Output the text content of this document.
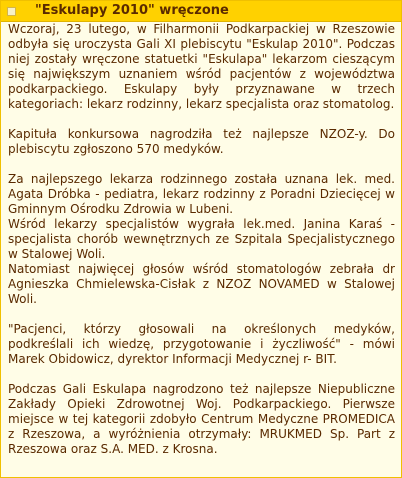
"Eskulapy 2010" wręczone

Wczoraj, 23 lutego, w Filharmonii Podkarpackiej w Rzeszowie odbyła się uroczysta Gali XI plebiscytu "Eskulap 2010". Podczas niej zostały wręczone statuetki "Eskulapa" lekarzom cieszącym się największym uznaniem wśród pacjentów z województwa podkarpackiego. Eskulapy były przyznawane w trzech kategoriach: lekarz rodzinny, lekarz specjalista oraz stomatolog.

Kapituła konkursowa nagrodziła też najlepsze NZOZ-y. Do plebiscytu zgłoszono 570 medyków.

Za najlepszego lekarza rodzinnego została uznana lek. med. Agata Dróbka - pediatra, lekarz rodzinny z Poradni Dziecięcej w Gminnym Ośrodku Zdrowia w Lubeni.
Wśród lekarzy specjalistów wygrała lek.med. Janina Karaś - specjalista chorób wewnętrznych ze Szpitala Specjalistycznego w Stalowej Woli.
Natomiast najwięcej głosów wśród stomatologów zebrała dr Agnieszka Chmielewska-Cisłak z NZOZ NOVAMED w Stalowej Woli.

"Pacjenci, którzy głosowali na określonych medyków, podkreślali ich wiedzę, przygotowanie i życzliwość" - mówi Marek Obidowicz, dyrektor Informacji Medycznej r- BIT.

Podczas Gali Eskulapa nagrodzono też najlepsze Niepubliczne Zakłady Opieki Zdrowotnej Woj. Podkarpackiego. Pierwsze miejsce w tej kategorii zdobyło Centrum Medyczne PROMEDICA z Rzeszowa, a wyróżnienia otrzymały: MRUKMED Sp. Part z Rzeszowa oraz S.A. MED. z Krosna.
